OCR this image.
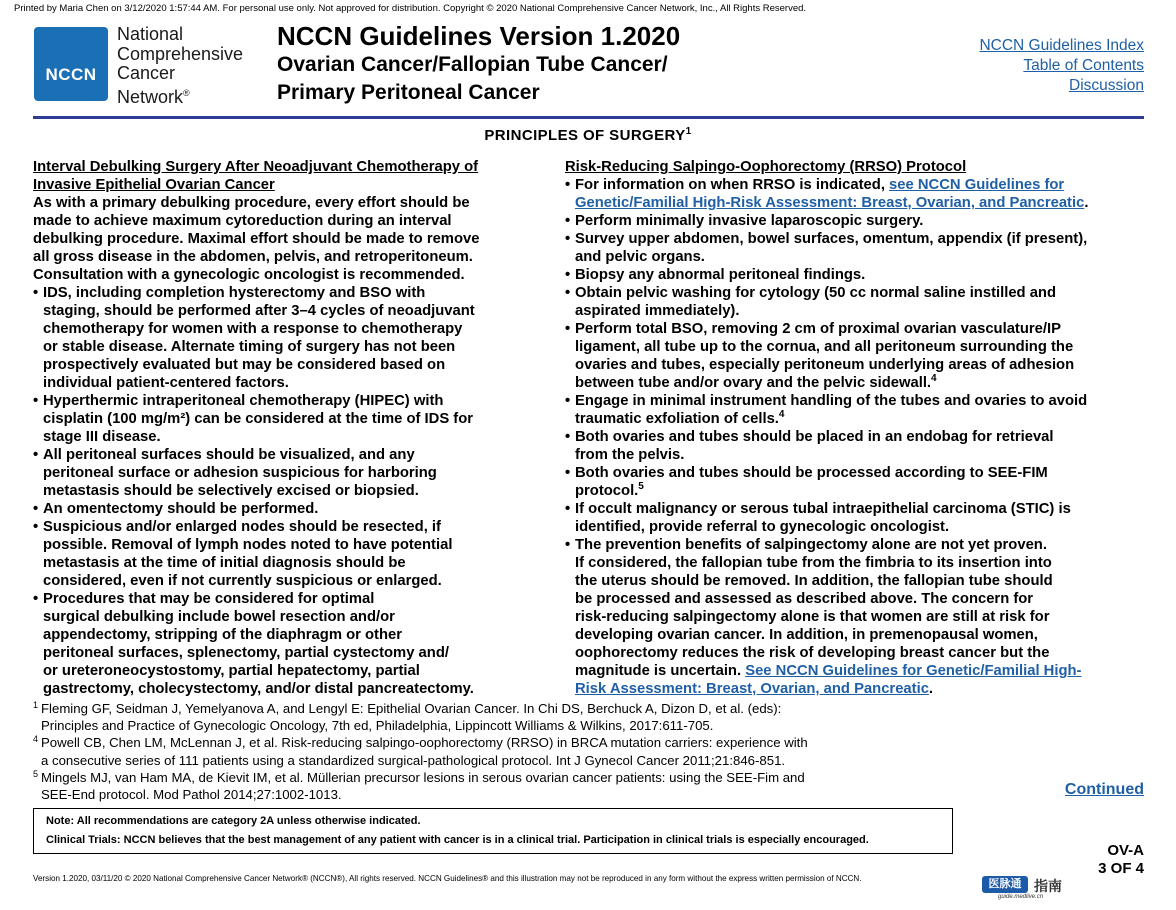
Printed by Maria Chen on 3/12/2020 1:57:44 AM. For personal use only. Not approved for distribution. Copyright © 2020 National Comprehensive Cancer Network, Inc., All Rights Reserved.
NCCN
National
Comprehensive
Cancer
Network®
NCCN Guidelines Version 1.2020
Ovarian Cancer/Fallopian Tube Cancer/
Primary Peritoneal Cancer
NCCN Guidelines Index
Table of Contents
Discussion
PRINCIPLES OF SURGERY$^1$
Interval Debulking Surgery After Neoadjuvant Chemotherapy of
Invasive Epithelial Ovarian Cancer

As with a primary debulking procedure, every effort should be
made to achieve maximum cytoreduction during an interval
debulking procedure. Maximal effort should be made to remove
all gross disease in the abdomen, pelvis, and retroperitoneum.
Consultation with a gynecologic oncologist is recommended.

• IDS, including completion hysterectomy and BSO with
staging, should be performed after 3–4 cycles of neoadjuvant
chemotherapy for women with a response to chemotherapy
or stable disease. Alternate timing of surgery has not been
prospectively evaluated but may be considered based on
individual patient-centered factors.
• Hyperthermic intraperitoneal chemotherapy (HIPEC) with
cisplatin (100 mg/m²) can be considered at the time of IDS for
stage III disease.
• All peritoneal surfaces should be visualized, and any
peritoneal surface or adhesion suspicious for harboring
metastasis should be selectively excised or biopsied.
• An omentectomy should be performed.
• Suspicious and/or enlarged nodes should be resected, if
possible. Removal of lymph nodes noted to have potential
metastasis at the time of initial diagnosis should be
considered, even if not currently suspicious or enlarged.
• Procedures that may be considered for optimal
surgical debulking include bowel resection and/or
appendectomy, stripping of the diaphragm or other
peritoneal surfaces, splenectomy, partial cystectomy and/
or ureteroneocystostomy, partial hepatectomy, partial
gastrectomy, cholecystectomy, and/or distal pancreatectomy.
Risk-Reducing Salpingo-Oophorectomy (RRSO) Protocol
• For information on when RRSO is indicated, see NCCN Guidelines for
Genetic/Familial High-Risk Assessment: Breast, Ovarian, and Pancreatic.
• Perform minimally invasive laparoscopic surgery.
• Survey upper abdomen, bowel surfaces, omentum, appendix (if present),
and pelvic organs.
• Biopsy any abnormal peritoneal findings.
• Obtain pelvic washing for cytology (50 cc normal saline instilled and
aspirated immediately).
• Perform total BSO, removing 2 cm of proximal ovarian vasculature/IP
ligament, all tube up to the cornua, and all peritoneum surrounding the
ovaries and tubes, especially peritoneum underlying areas of adhesion
between tube and/or ovary and the pelvic sidewall.$^4$
• Engage in minimal instrument handling of the tubes and ovaries to avoid
traumatic exfoliation of cells.$^4$
• Both ovaries and tubes should be placed in an endobag for retrieval
from the pelvis.
• Both ovaries and tubes should be processed according to SEE-FIM
protocol.$^5$
• If occult malignancy or serous tubal intraepithelial carcinoma (STIC) is
identified, provide referral to gynecologic oncologist.
• The prevention benefits of salpingectomy alone are not yet proven.
If considered, the fallopian tube from the fimbria to its insertion into
the uterus should be removed. In addition, the fallopian tube should
be processed and assessed as described above. The concern for
risk-reducing salpingectomy alone is that women are still at risk for
developing ovarian cancer. In addition, in premenopausal women,
oophorectomy reduces the risk of developing breast cancer but the
magnitude is uncertain. See NCCN Guidelines for Genetic/Familial High-
Risk Assessment: Breast, Ovarian, and Pancreatic.
1 Fleming GF, Seidman J, Yemelyanova A, and Lengyl E: Epithelial Ovarian Cancer. In Chi DS, Berchuck A, Dizon D, et al. (eds):
Principles and Practice of Gynecologic Oncology, 7th ed, Philadelphia, Lippincott Williams & Wilkins, 2017:611-705.
4 Powell CB, Chen LM, McLennan J, et al. Risk-reducing salpingo-oophorectomy (RRSO) in BRCA mutation carriers: experience with
a consecutive series of 111 patients using a standardized surgical-pathological protocol. Int J Gynecol Cancer 2011;21:846-851.
5 Mingels MJ, van Ham MA, de Kievit IM, et al. Müllerian precursor lesions in serous ovarian cancer patients: using the SEE-Fim and
SEE-End protocol. Mod Pathol 2014;27:1002-1013.	Continued
Note: All recommendations are category 2A unless otherwise indicated.
Clinical Trials: NCCN believes that the best management of any patient with cancer is in a clinical trial. Participation in clinical trials is especially encouraged.
OV-A
3 OF 4
Version 1.2020, 03/11/20 © 2020 National Comprehensive Cancer Network® (NCCN®), All rights reserved. NCCN Guidelines® and this illustration may not be reproduced in any form without the express written permission of NCCN.	医脉通 指南
guide.medlive.cn
